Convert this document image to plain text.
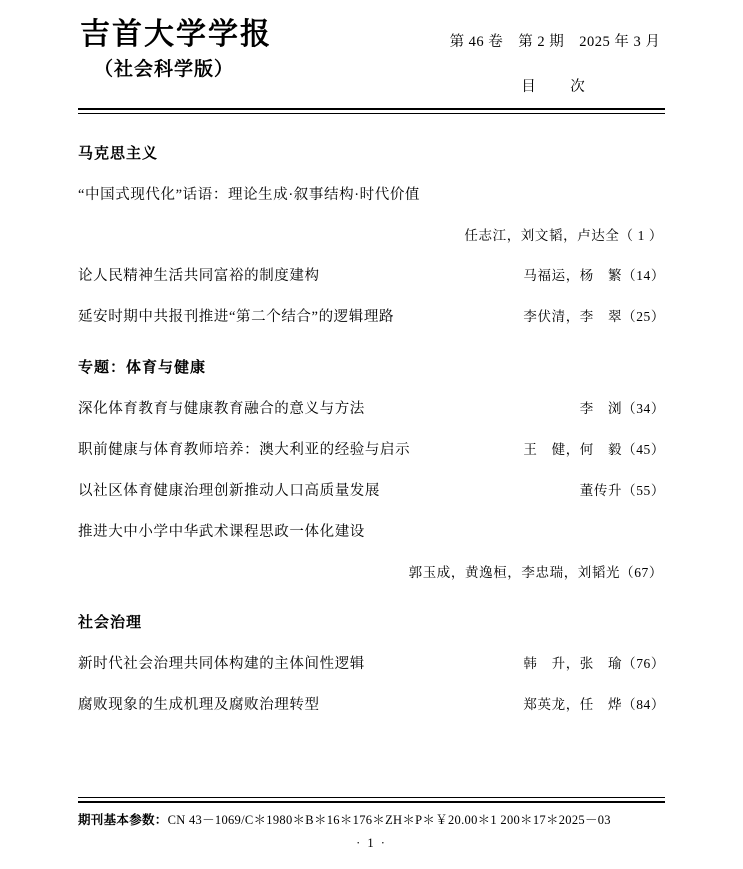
吉首大学学报
（社会科学版）
第 46 卷　第 2 期　2025 年 3 月
目　次
马克思主义
“中国式现代化”话语：理论生成·叙事结构·时代价值
任志江，刘文韬，卢达全（ 1 ）
论人民精神生活共同富裕的制度建构	马福运，杨　繁（14）
延安时期中共报刊推进“第二个结合”的逻辑理路	李伏清，李　翠（25）
专题：体育与健康
深化体育教育与健康教育融合的意义与方法	李　浏（34）
职前健康与体育教师培养：澳大利亚的经验与启示	王　健，何　毅（45）
以社区体育健康治理创新推动人口高质量发展	董传升（55）
推进大中小学中华武术课程思政一体化建设
郭玉成，黄逸桓，李忠瑞，刘韬光（67）
社会治理
新时代社会治理共同体构建的主体间性逻辑	韩　升，张　瑜（76）
腐败现象的生成机理及腐败治理转型	郑英龙，任　烨（84）
期刊基本参数：CN 43－1069/C＊1980＊B＊16＊176＊ZH＊P＊￥20.00＊1 200＊17＊2025－03
· 1 ·
